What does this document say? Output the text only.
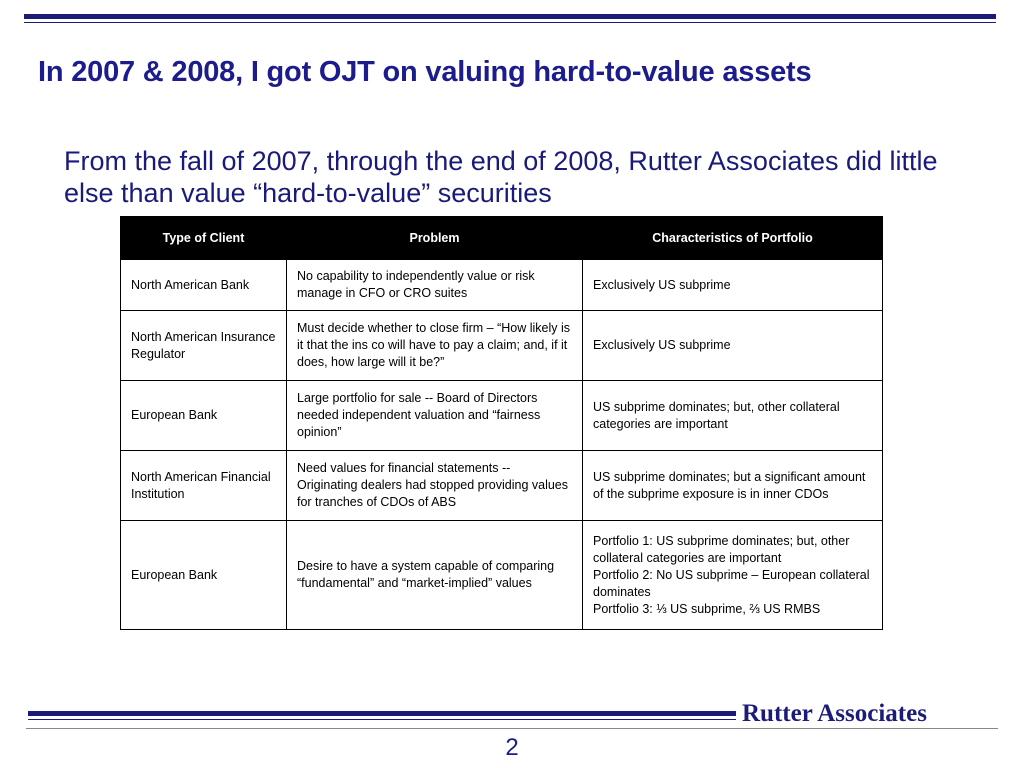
In 2007 & 2008, I got OJT on valuing hard-to-value assets

From the fall of 2007, through the end of 2008, Rutter Associates did little else than value “hard-to-value” securities

Type of Client	Problem	Characteristics of Portfolio
North American Bank	No capability to independently value or risk manage in CFO or CRO suites	Exclusively US subprime

North American Insurance Regulator	Must decide whether to close firm – “How likely is it that the ins co will have to pay a claim; and, if it does, how large will it be?”	Exclusively US subprime

European Bank	Large portfolio for sale -- Board of Directors needed independent valuation and “fairness opinion”	US subprime dominates; but, other collateral categories are important

North American Financial Institution	Need values for financial statements -- Originating dealers had stopped providing values for tranches of CDOs of ABS	US subprime dominates; but a significant amount of the subprime exposure is in inner CDOs

European Bank	Desire to have a system capable of comparing “fundamental” and “market-implied” values	Portfolio 1: US subprime dominates; but, other collateral categories are important
Portfolio 2: No US subprime – European collateral dominates
Portfolio 3: ⅓ US subprime, ⅔ US RMBS
Rutter Associates
2
